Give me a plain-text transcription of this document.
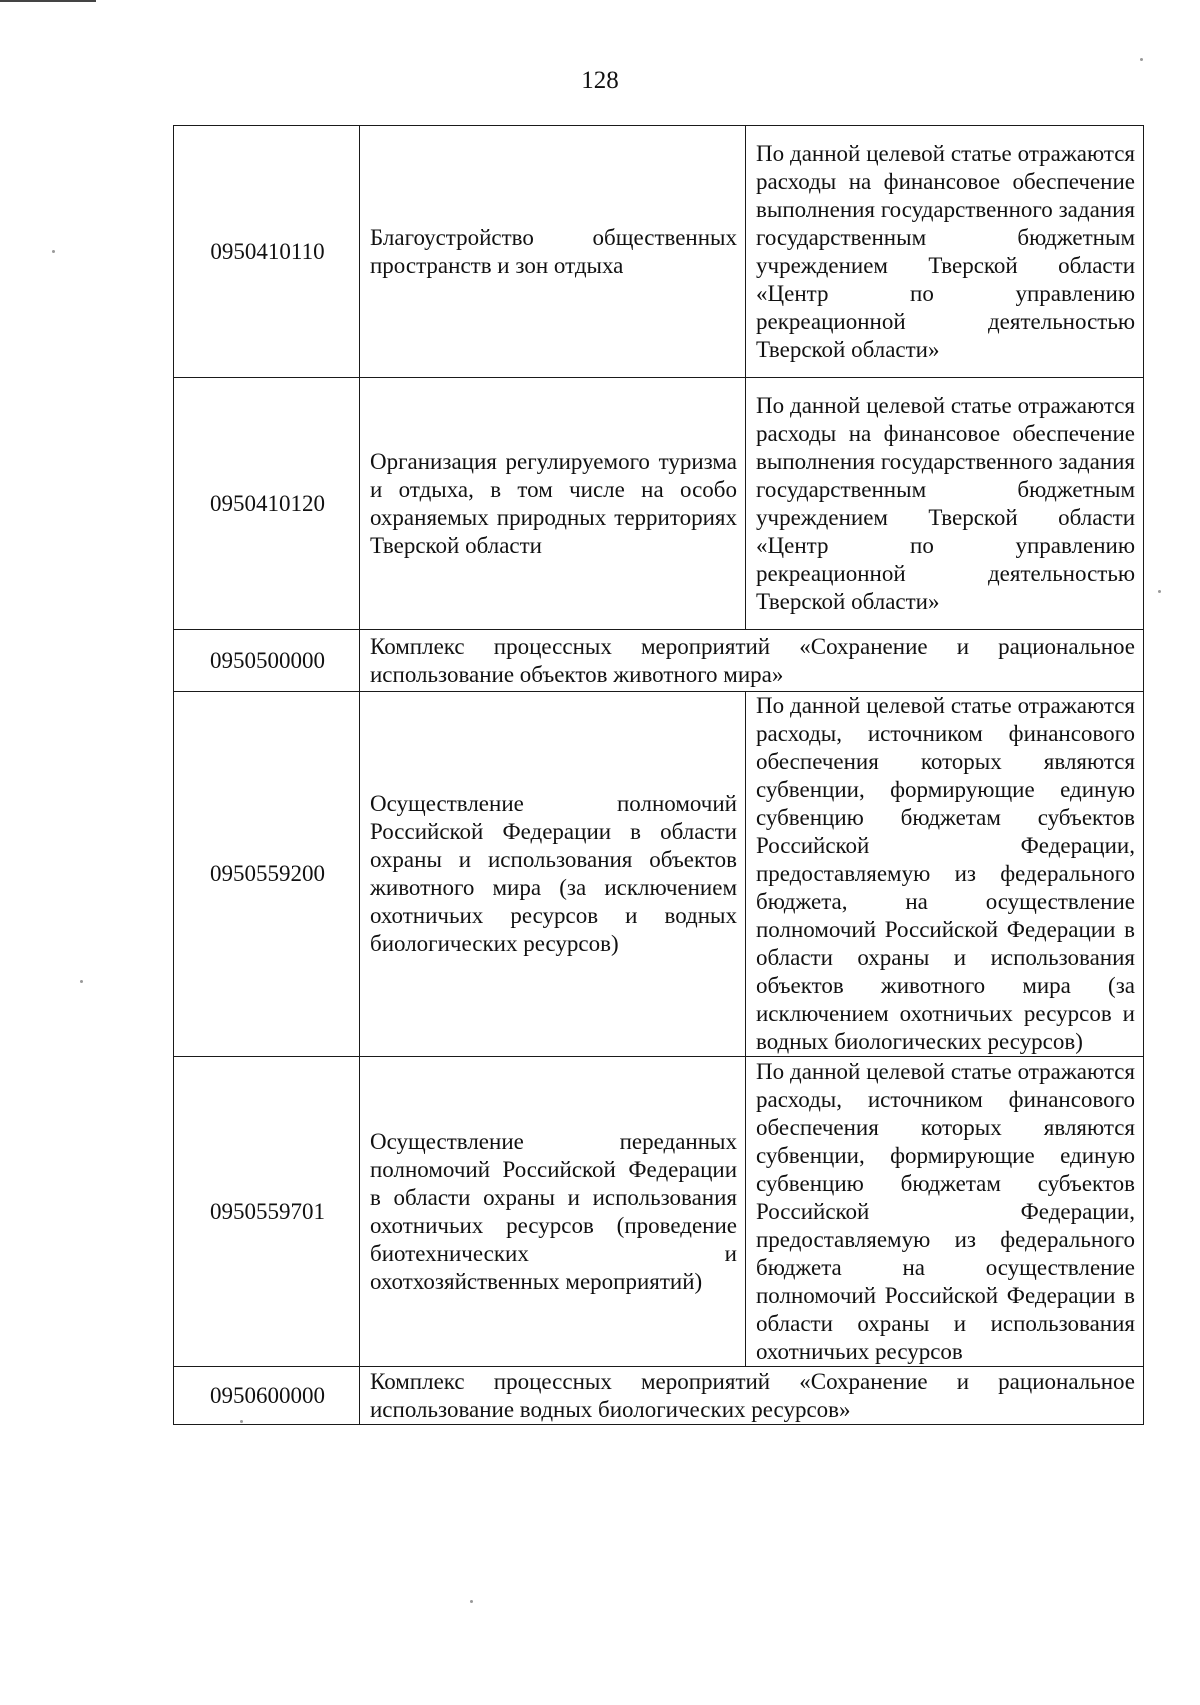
128
0950410110	Благоустройство общественных пространств и зон отдыха	По данной целевой статье отражаются расходы на финансовое обеспечение выполнения государственного задания государственным бюджетным учреждением Тверской области «Центр по управлению рекреационной деятельностью Тверской области»
0950410120	Организация регулируемого туризма и отдыха, в том числе на особо охраняемых природных территориях Тверской области	По данной целевой статье отражаются расходы на финансовое обеспечение выполнения государственного задания государственным бюджетным учреждением Тверской области «Центр по управлению рекреационной деятельностью Тверской области»
0950500000	Комплекс процессных мероприятий «Сохранение и рациональное использование объектов животного мира»	
0950559200	Осуществление полномочий Российской Федерации в области охраны и использования объектов животного мира (за исключением охотничьих ресурсов и водных биологических ресурсов)	По данной целевой статье отражаются расходы, источником финансового обеспечения которых являются субвенции, формирующие единую субвенцию бюджетам субъектов Российской Федерации, предоставляемую из федерального бюджета, на осуществление полномочий Российской Федерации в области охраны и использования объектов животного мира (за исключением охотничьих ресурсов и водных биологических ресурсов)
0950559701	Осуществление переданных полномочий Российской Федерации в области охраны и использования охотничьих ресурсов (проведение биотехнических и охотхозяйственных мероприятий)	По данной целевой статье отражаются расходы, источником финансового обеспечения которых являются субвенции, формирующие единую субвенцию бюджетам субъектов Российской Федерации, предоставляемую из федерального бюджета на осуществление полномочий Российской Федерации в области охраны и использования охотничьих ресурсов
0950600000	Комплекс процессных мероприятий «Сохранение и рациональное использование водных биологических ресурсов»	
